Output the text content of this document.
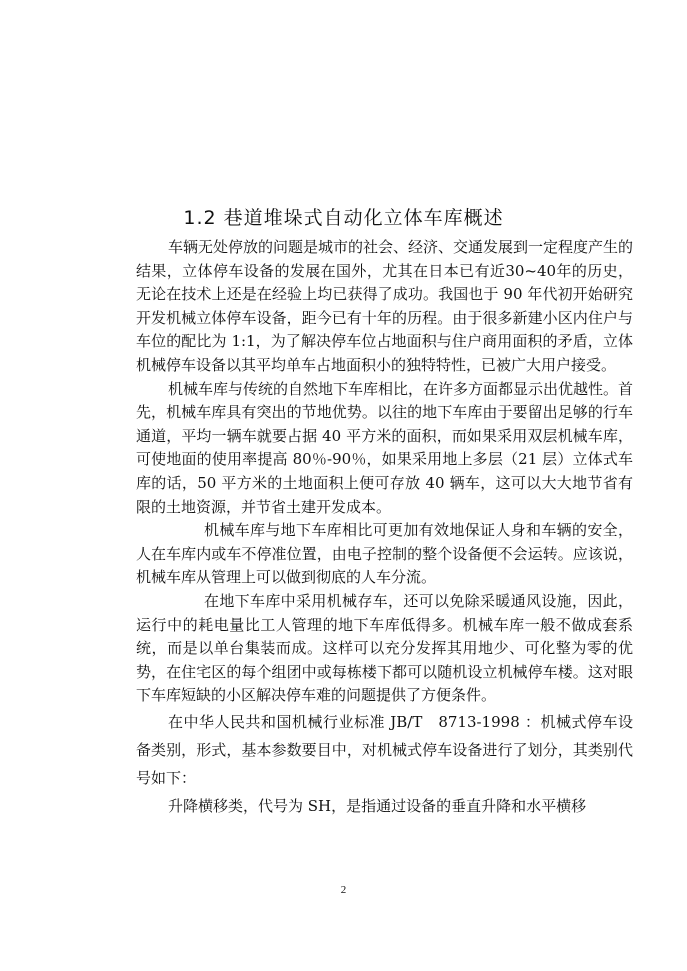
1.2 巷道堆垛式自动化立体车库概述

车辆无处停放的问题是城市的社会、经济、交通发展到一定程度产生的结果，立体停车设备的发展在国外，尤其在日本已有近30~40年的历史，无论在技术上还是在经验上均已获得了成功。我国也于 90 年代初开始研究开发机械立体停车设备，距今已有十年的历程。由于很多新建小区内住户与车位的配比为 1:1，为了解决停车位占地面积与住户商用面积的矛盾，立体机械停车设备以其平均单车占地面积小的独特特性，已被广大用户接受。

机械车库与传统的自然地下车库相比，在许多方面都显示出优越性。首先，机械车库具有突出的节地优势。以往的地下车库由于要留出足够的行车通道，平均一辆车就要占据 40 平方米的面积，而如果采用双层机械车库，可使地面的使用率提高 80％-90％，如果采用地上多层（21 层）立体式车库的话，50 平方米的土地面积上便可存放 40 辆车，这可以大大地节省有限的土地资源，并节省土建开发成本。

机械车库与地下车库相比可更加有效地保证人身和车辆的安全，人在车库内或车不停准位置，由电子控制的整个设备便不会运转。应该说，机械车库从管理上可以做到彻底的人车分流。

在地下车库中采用机械存车，还可以免除采暖通风设施，因此，运行中的耗电量比工人管理的地下车库低得多。机械车库一般不做成套系统，而是以单台集装而成。这样可以充分发挥其用地少、可化整为零的优势，在住宅区的每个组团中或每栋楼下都可以随机设立机械停车楼。这对眼下车库短缺的小区解决停车难的问题提供了方便条件。

在中华人民共和国机械行业标准 JB/T　8713-1998 ：机械式停车设备类别，形式，基本参数要目中，对机械式停车设备进行了划分，其类别代号如下：

升降横移类，代号为 SH，是指通过设备的垂直升降和水平横移

2
